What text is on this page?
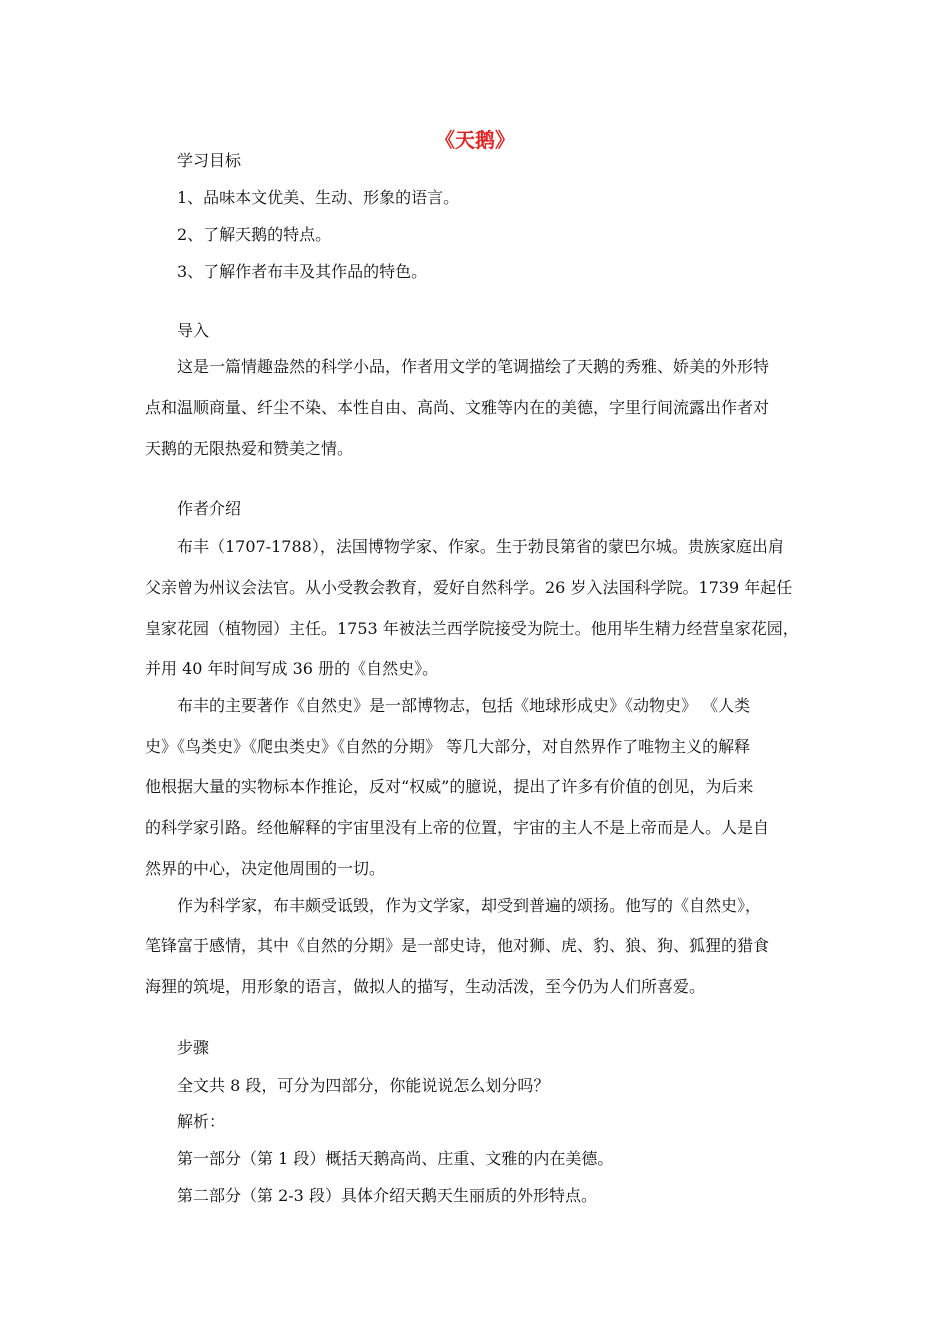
《天鹅》
学习目标
1、品味本文优美、生动、形象的语言。
2、了解天鹅的特点。
3、了解作者布丰及其作品的特色。
导入
这是一篇情趣盎然的科学小品，作者用文学的笔调描绘了天鹅的秀雅、娇美的外形特
点和温顺商量、纤尘不染、本性自由、高尚、文雅等内在的美德，字里行间流露出作者对
天鹅的无限热爱和赞美之情。
作者介绍
布丰（1707-1788），法国博物学家、作家。生于勃艮第省的蒙巴尔城。贵族家庭出肩
父亲曾为州议会法官。从小受教会教育，爱好自然科学。26 岁入法国科学院。1739 年起任
皇家花园（植物园）主任。1753 年被法兰西学院接受为院士。他用毕生精力经营皇家花园，
并用 40 年时间写成 36 册的《自然史》。
布丰的主要著作《自然史》是一部博物志，包括《地球形成史》《动物史》 《人类
史》《鸟类史》《爬虫类史》《自然的分期》 等几大部分，对自然界作了唯物主义的解释
他根据大量的实物标本作推论，反对“权威”的臆说，提出了许多有价值的创见，为后来
的科学家引路。经他解释的宇宙里没有上帝的位置，宇宙的主人不是上帝而是人。人是自
然界的中心，决定他周围的一切。
作为科学家，布丰颇受诋毁，作为文学家，却受到普遍的颂扬。他写的《自然史》，
笔锋富于感情，其中《自然的分期》是一部史诗，他对狮、虎、豹、狼、狗、狐狸的猎食
海狸的筑堤，用形象的语言，做拟人的描写，生动活泼，至今仍为人们所喜爱。
步骤
全文共 8 段，可分为四部分，你能说说怎么划分吗？
解析：
第一部分（第 1 段）概括天鹅高尚、庄重、文雅的内在美德。
第二部分（第 2-3 段）具体介绍天鹅天生丽质的外形特点。
